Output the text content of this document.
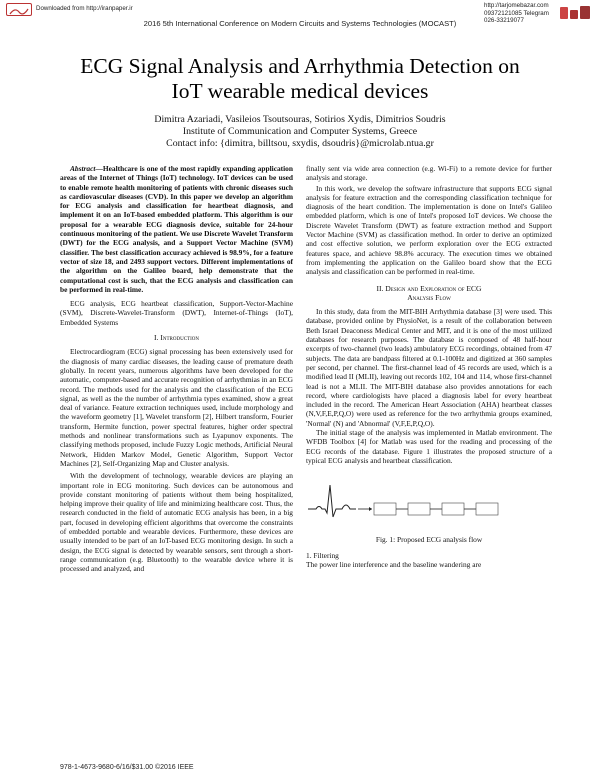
Downloaded from http://iranpaper.ir	http://tarjomebazar.com
09372121085 Telegram
026-33219077
2016 5th International Conference on Modern Circuits and Systems Technologies (MOCAST)
ECG Signal Analysis and Arrhythmia Detection on
IoT wearable medical devices
Dimitra Azariadi, Vasileios Tsoutsouras, Sotirios Xydis, Dimitrios Soudris
Institute of Communication and Computer Systems, Greece
Contact info: {dimitra, billtsou, sxydis, dsoudris}@microlab.ntua.gr

Abstract—Healthcare is one of the most rapidly expanding application areas of the Internet of Things (IoT) technology. IoT devices can be used to enable remote health monitoring of patients with chronic diseases such as cardiovascular diseases (CVD). In this paper we develop an algorithm for ECG analysis and classification for heartbeat diagnosis, and implement it on an IoT-based embedded platform. This algorithm is our proposal for a wearable ECG diagnosis device, suitable for 24-hour continuous monitoring of the patient. We use Discrete Wavelet Transform (DWT) for the ECG analysis, and a Support Vector Machine (SVM) classifier. The best classification accuracy achieved is 98.9%, for a feature vector of size 18, and 2493 support vectors. Different implementations of the algorithm on the Galileo board, help demonstrate that the computational cost is such, that the ECG analysis and classification can be performed in real-time.

ECG analysis, ECG heartbeat classification, Support-Vector-Machine (SVM), Discrete-Wavelet-Transform (DWT), Internet-of-Things (IoT), Embedded Systems

I. Introduction

Electrocardiogram (ECG) signal processing has been extensively used for the diagnosis of many cardiac diseases, the leading cause of premature death globally. In recent years, numerous algorithms have been developed for the automatic, computer-based and accurate recognition of arrhythmias in an ECG record. The methods used for the analysis and the classification of the ECG signal, as well as the the number of arrhythmia types examined, show a great deal of variance. Feature extraction techniques used, include morphology and the waveform geometry [1], Wavelet transform [2], Hilbert transform, Fourier transform, Hermite function, power spectral features, higher order spectral methods and nonlinear transformations such as Lyapunov exponents. The classifying methods proposed, include Fuzzy Logic methods, Artificial Neural Network, Hidden Markov Model, Genetic Algorithm, Support Vector Machines [2], Self-Organizing Map and Cluster analysis.

With the development of technology, wearable devices are playing an important role in ECG monitoring. Such devices can be autonomous and provide constant monitoring of patients without them being hospitalized, helping improve their quality of life and minimizing healthcare cost. Thus, the research conducted in the field of automatic ECG analysis has been, in a big part, focused in developing efficient algorithms that overcome the constraints of embedded portable and wearable devices. Furthermore, these devices are usually intended to be part of an IoT-based ECG monitoring design. In such a design, the ECG signal is detected by wearable sensors, sent through a short-range communication (e.g. Bluetooth) to the wearable device where it is processed and analyzed, and

finally sent via wide area connection (e.g. Wi-Fi) to a remote device for further analysis and storage.

In this work, we develop the software infrastructure that supports ECG signal analysis for feature extraction and the corresponding classification technique for diagnosis of the heart condition. The implementation is done on Intel's Galileo embedded platform, which is one of Intel's proposed IoT devices. We choose the Discrete Wavelet Transform (DWT) as feature extraction method and Support Vector Machine (SVM) as classification method. In order to derive an optimized and cost effective solution, we perform exploration over the ECG extracted features space, and achieve 98.8% accuracy. The execution times we obtained from implementing the application on the Galileo board show that the ECG analysis and classification can be performed in real-time.

II. Design and Exploration of ECG
Analysis Flow

In this study, data from the MIT-BIH Arrhythmia database [3] were used. This database, provided online by PhysioNet, is a result of the collaboration between Beth Israel Deaconess Medical Center and MIT, and it is one of the most utilized databases for research purposes. The database is composed of 48 half-hour excerpts of two-channel (two leads) ambulatory ECG recordings, obtained from 47 subjects. The data are bandpass filtered at 0.1-100Hz and digitized at 360 samples per second, per channel. The first-channel lead of 45 records are used, which is a modified lead II (MLII), leaving out records 102, 104 and 114, whose first-channel lead is not a MLII. The MIT-BIH database also provides annotations for each record, where cardiologists have placed a diagnosis label for every heartbeat included in the record. The American Heart Association (AHA) heartbeat classes (N,V,F,E,P,Q,O) were used as reference for the two arrhythmia groups examined, 'Normal' (N) and 'Abnormal' (V,F,E,P,Q,O).

The initial stage of the analysis was implemented in Matlab environment. The WFDB Toolbox [4] for Matlab was used for the reading and processing of the ECG records of the database. Figure 1 illustrates the proposed structure of a typical ECG analysis and heartbeat classification.

Fig. 1: Proposed ECG analysis flow

1. Filtering

The power line interference and the baseline wandering are

978-1-4673-9680-6/16/$31.00 ©2016 IEEE
